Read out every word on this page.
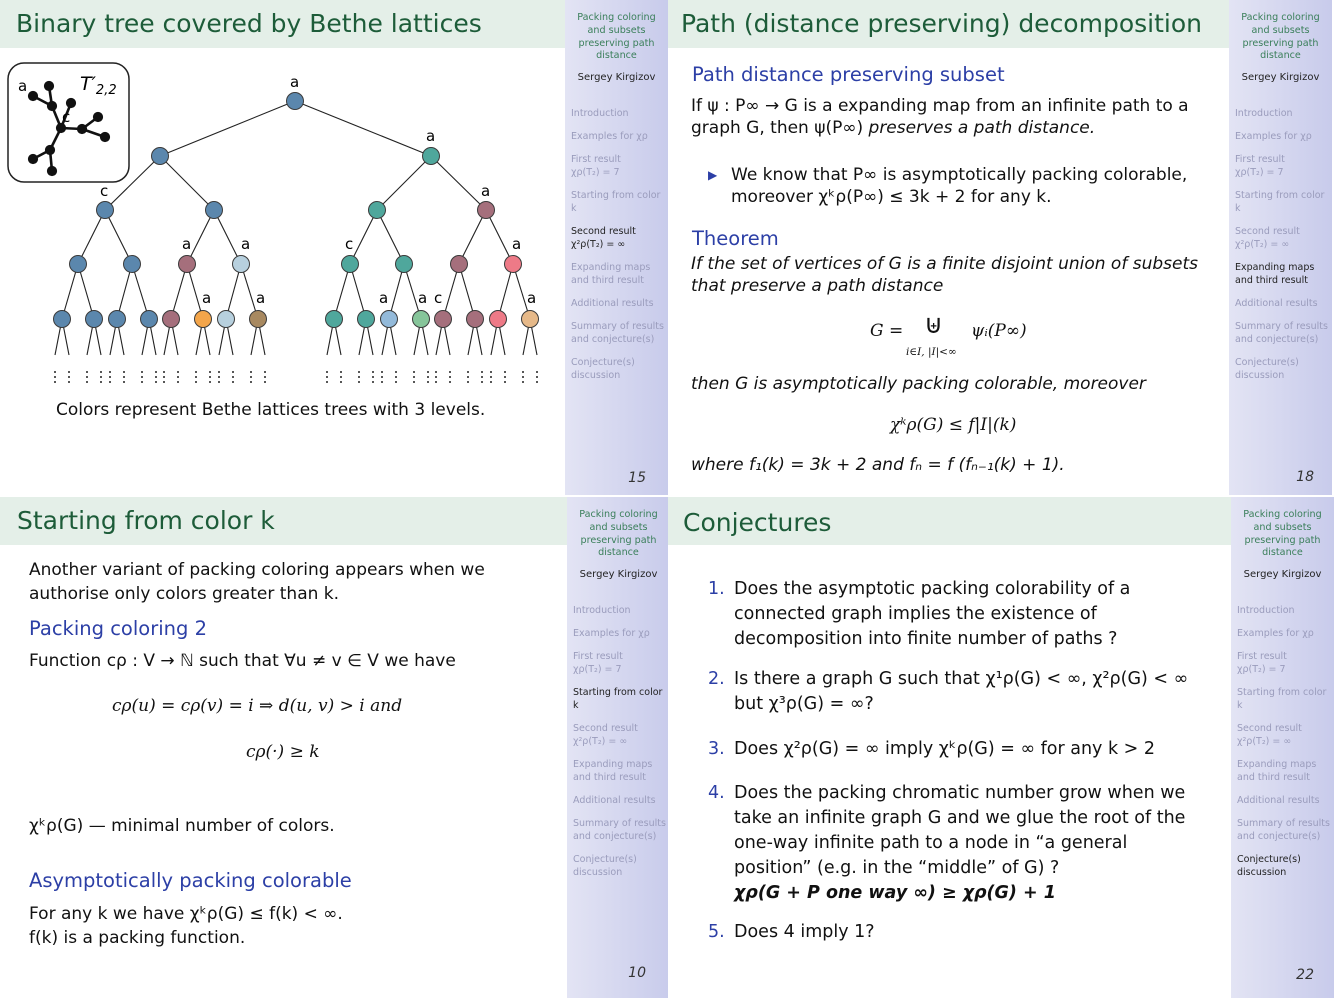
Binary tree covered by Bethe lattices
a
c
$T'_{2,2}$	a
a
c	a
a	a	c	a
a	a	a a c	a
Colors represent Bethe lattices trees with 3 levels.
Packing coloring
and subsets
preserving path
distance
Sergey Kirgizov
Introduction
Examples for χρ
First result
χρ(T₂) = 7
Starting from color
k
Second result
χ²ρ(T₂) = ∞
Expanding maps
and third result
Additional results
Summary of results
and conjecture(s)
Conjecture(s)
discussion
15
Path (distance preserving) decomposition
Path distance preserving subset
If ψ : P∞ → G is a expanding map from an infinite path to a
graph G, then ψ(P∞) preserves a path distance.
▶ We know that P∞ is asymptotically packing colorable,
moreover χᵏρ(P∞) ≤ 3k + 2 for any k.
Theorem
If the set of vertices of G is a finite disjoint union of subsets
that preserve a path distance
G = ⊎
i∈I, |I|<∞
ψᵢ(P∞)
then G is asymptotically packing colorable, moreover
χᵏρ(G) ≤ f|I|(k)
where f₁(k) = 3k + 2 and fₙ = f (fₙ₋₁(k) + 1).
Packing coloring
and subsets
preserving path
distance
Sergey Kirgizov
Introduction
Examples for χρ
First result
χρ(T₂) = 7
Starting from color
k
Second result
χ²ρ(T₂) = ∞
Expanding maps
and third result
Additional results
Summary of results
and conjecture(s)
Conjecture(s)
discussion
18
Starting from color k
Another variant of packing coloring appears when we
authorise only colors greater than k.
Packing coloring 2
Function cρ : V → ℕ such that ∀u ≠ v ∈ V we have
cρ(u) = cρ(v) = i ⇒ d(u, v) > i and
cρ(·) ≥ k
χᵏρ(G) — minimal number of colors.
Asymptotically packing colorable
For any k we have χᵏρ(G) ≤ f(k) < ∞.
f(k) is a packing function.
Packing coloring
and subsets
preserving path
distance
Sergey Kirgizov
Introduction
Examples for χρ
First result
χρ(T₂) = 7
Starting from color
k
Second result
χ²ρ(T₂) = ∞
Expanding maps
and third result
Additional results
Summary of results
and conjecture(s)
Conjecture(s)
discussion
10
Conjectures
1. Does the asymptotic packing colorability of a
connected graph implies the existence of
decomposition into finite number of paths ?
2. Is there a graph G such that χ¹ρ(G) < ∞, χ²ρ(G) < ∞
but χ³ρ(G) = ∞?
3. Does χ²ρ(G) = ∞ imply χᵏρ(G) = ∞ for any k > 2
4. Does the packing chromatic number grow when we
take an infinite graph G and we glue the root of the
one-way infinite path to a node in “a general
position” (e.g. in the “middle” of G) ?
χρ(G + P one way ∞) ≥ χρ(G) + 1
5. Does 4 imply 1?
Packing coloring
and subsets
preserving path
distance
Sergey Kirgizov
Introduction
Examples for χρ
First result
χρ(T₂) = 7
Starting from color
k
Second result
χ²ρ(T₂) = ∞
Expanding maps
and third result
Additional results
Summary of results
and conjecture(s)
Conjecture(s)
discussion
22
